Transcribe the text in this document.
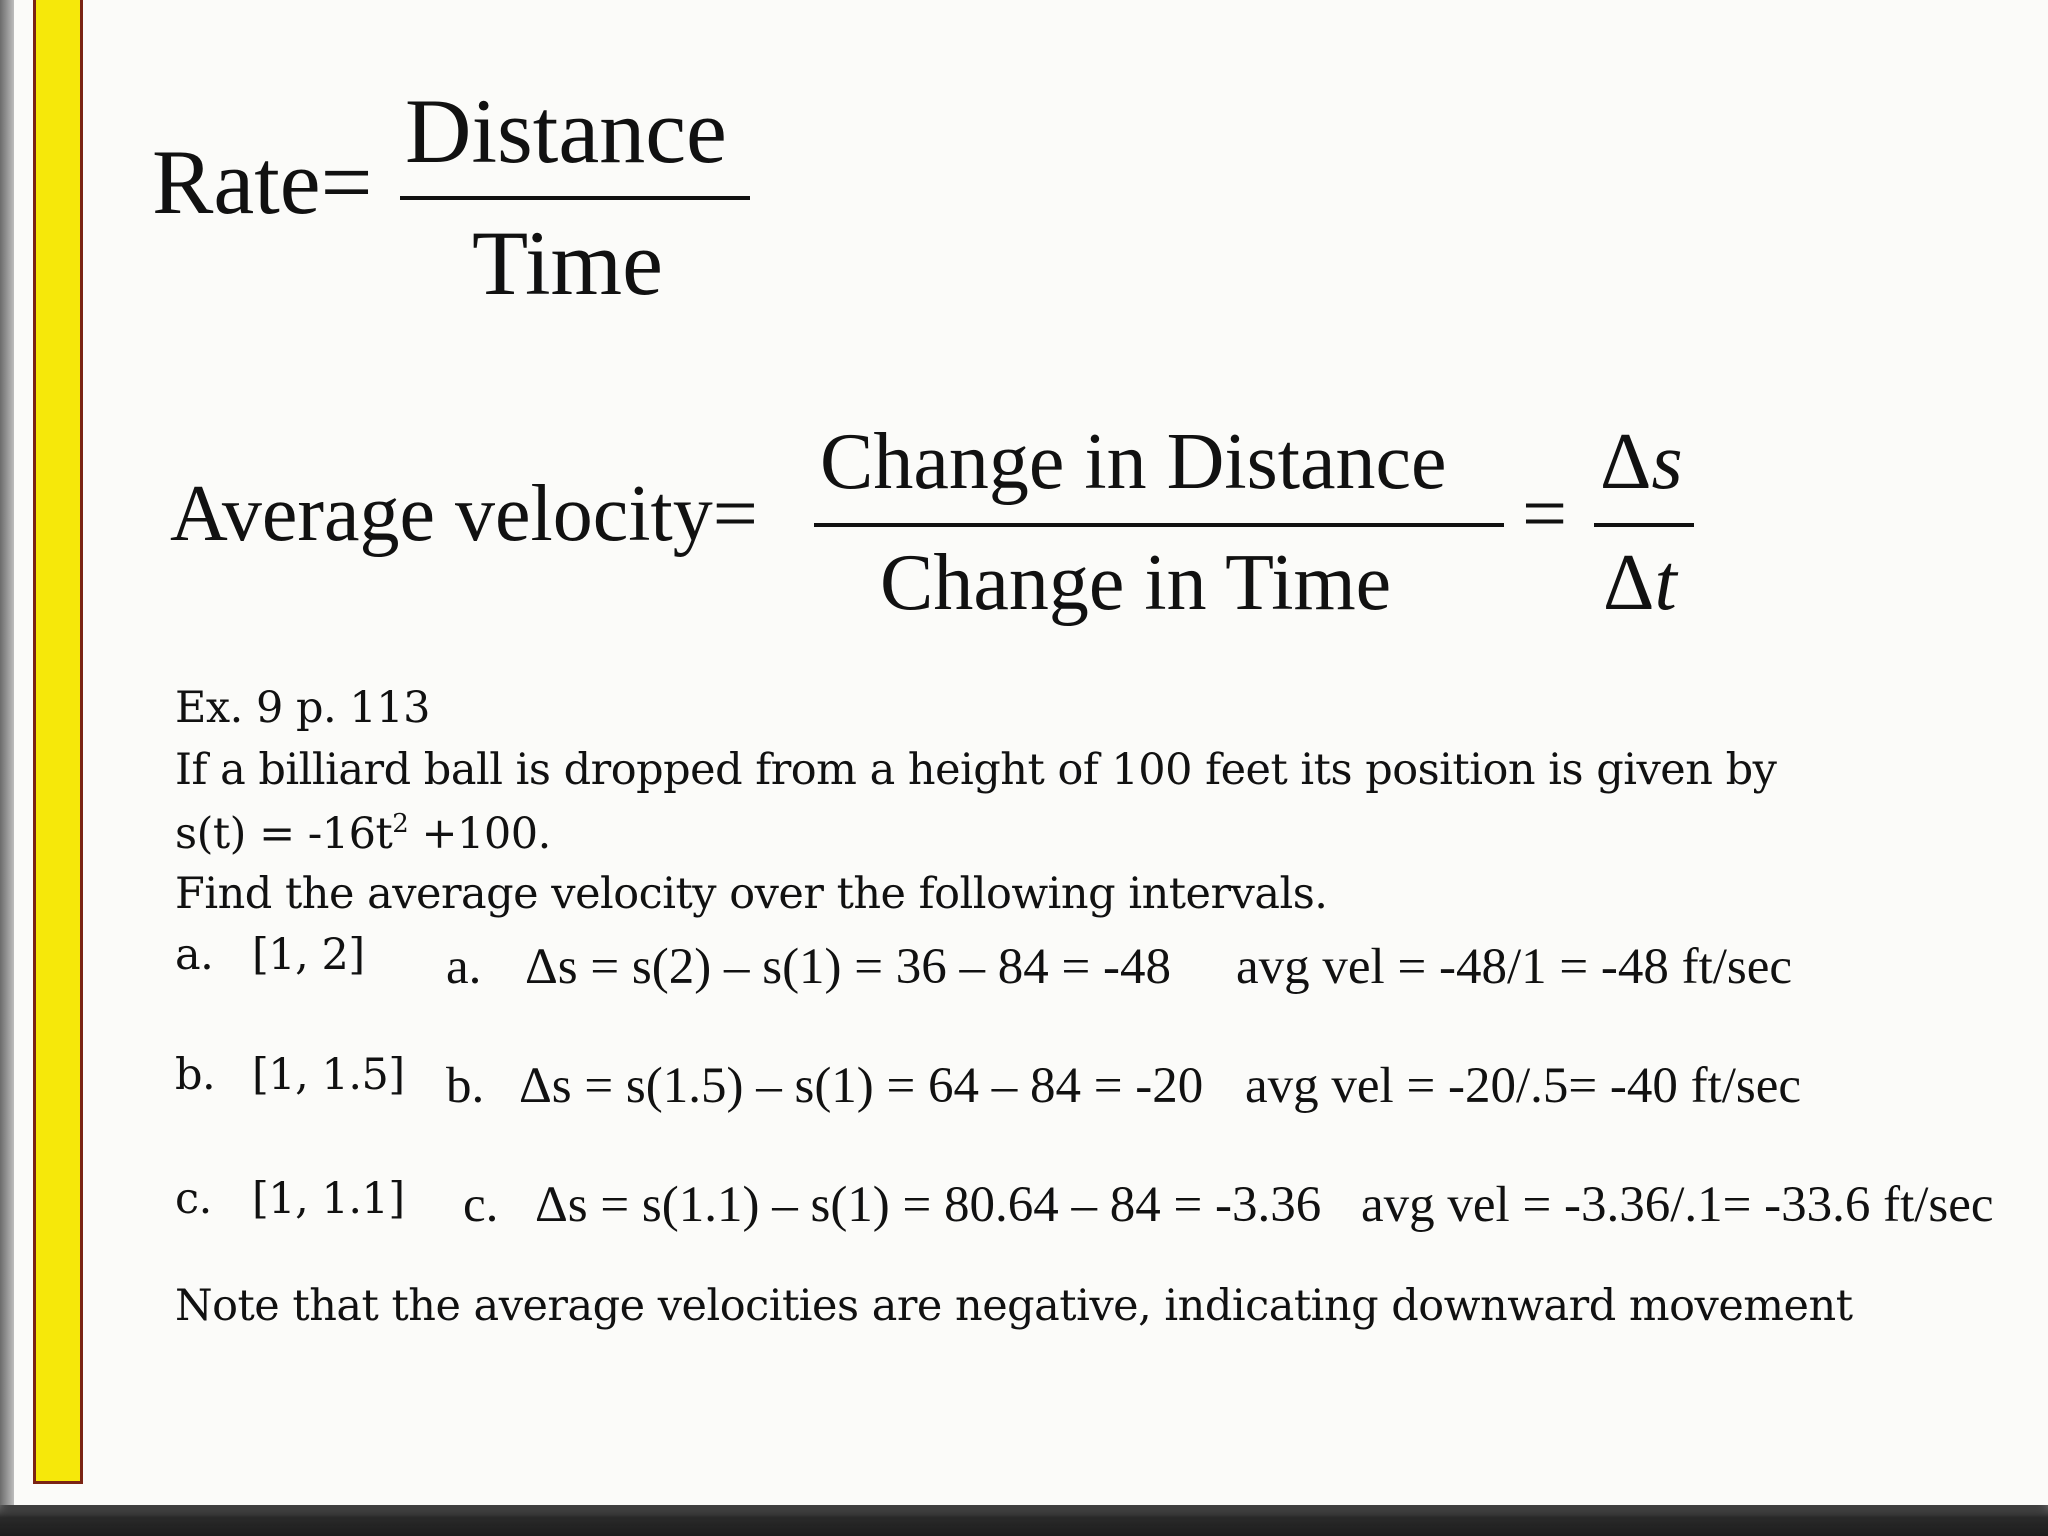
Rate= Distance
Time
Average velocity=
Change in Distance
Change in Time
=
Δs
Δt
Ex. 9 p. 113
If a billiard ball is dropped from a height of 100 feet its position is given by
$s(t) = -16t^2 +100$.
Find the average velocity over the following intervals.
a. [1, 2]
b. [1, 1.5]
c. [1, 1.1]
a. Δs = s(2) – s(1) = 36 – 84 = -48 avg vel = -48/1 = -48 ft/sec
b. Δs = s(1.5) – s(1) = 64 – 84 = -20 avg vel = -20/.5= -40 ft/sec
c. Δs = s(1.1) – s(1) = 80.64 – 84 = -3.36 avg vel = -3.36/.1= -33.6 ft/sec
Note that the average velocities are negative, indicating downward movement
